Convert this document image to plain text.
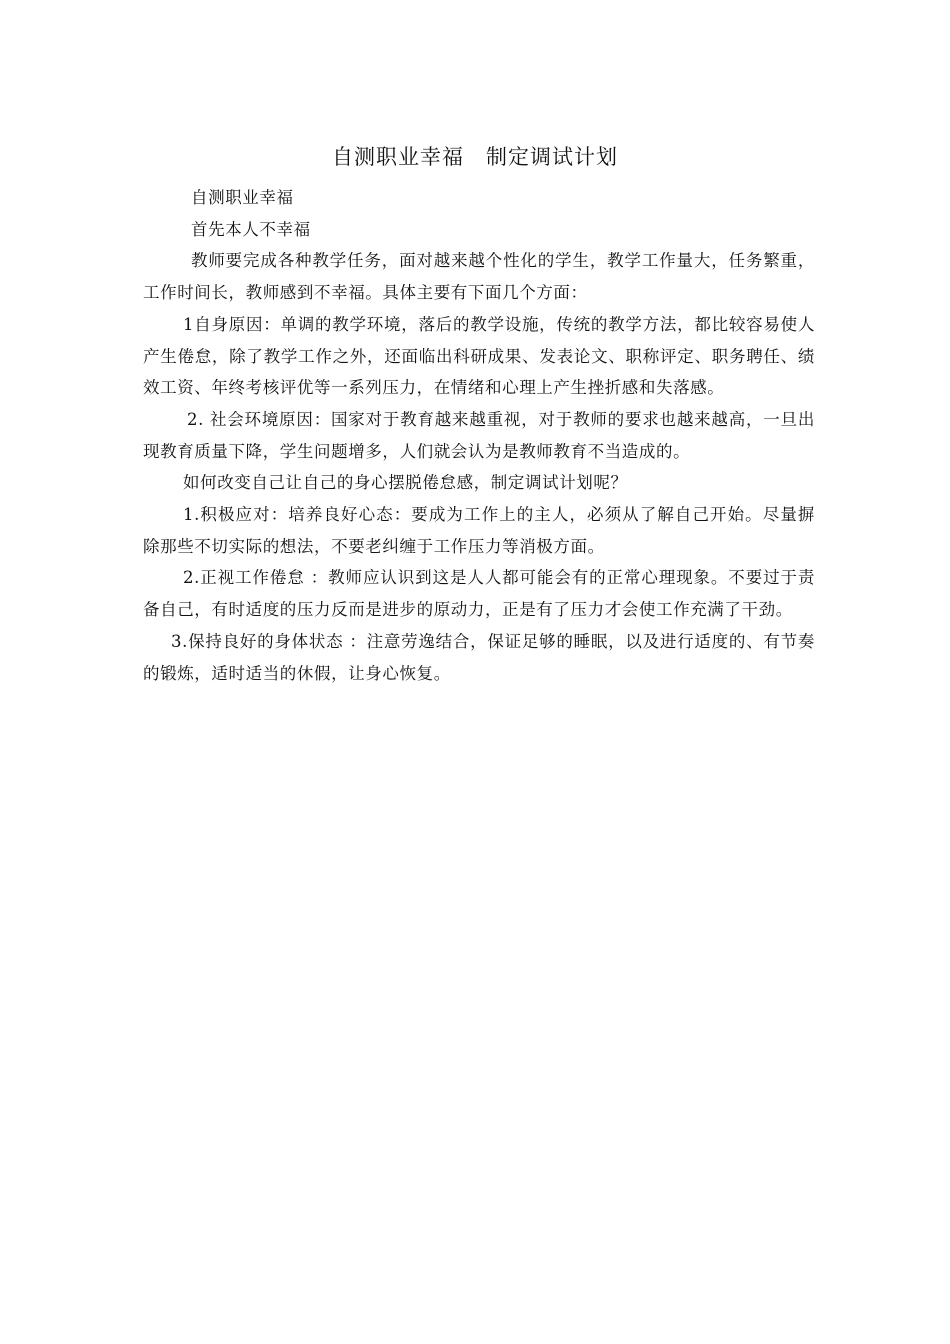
自测职业幸福　制定调试计划

自测职业幸福

首先本人不幸福

教师要完成各种教学任务，面对越来越个性化的学生，教学工作量大，任务繁重，工作时间长，教师感到不幸福。具体主要有下面几个方面：

1自身原因：单调的教学环境，落后的教学设施，传统的教学方法，都比较容易使人产生倦怠，除了教学工作之外，还面临出科研成果、发表论文、职称评定、职务聘任、绩效工资、年终考核评优等一系列压力，在情绪和心理上产生挫折感和失落感。

2. 社会环境原因：国家对于教育越来越重视，对于教师的要求也越来越高，一旦出现教育质量下降，学生问题增多，人们就会认为是教师教育不当造成的。

如何改变自己让自己的身心摆脱倦怠感，制定调试计划呢？

1.积极应对：培养良好心态：要成为工作上的主人，必须从了解自己开始。尽量摒除那些不切实际的想法，不要老纠缠于工作压力等消极方面。

2.正视工作倦怠 ：教师应认识到这是人人都可能会有的正常心理现象。不要过于责备自己，有时适度的压力反而是进步的原动力，正是有了压力才会使工作充满了干劲。

3.保持良好的身体状态 ：注意劳逸结合，保证足够的睡眠，以及进行适度的、有节奏的锻炼，适时适当的休假，让身心恢复。
